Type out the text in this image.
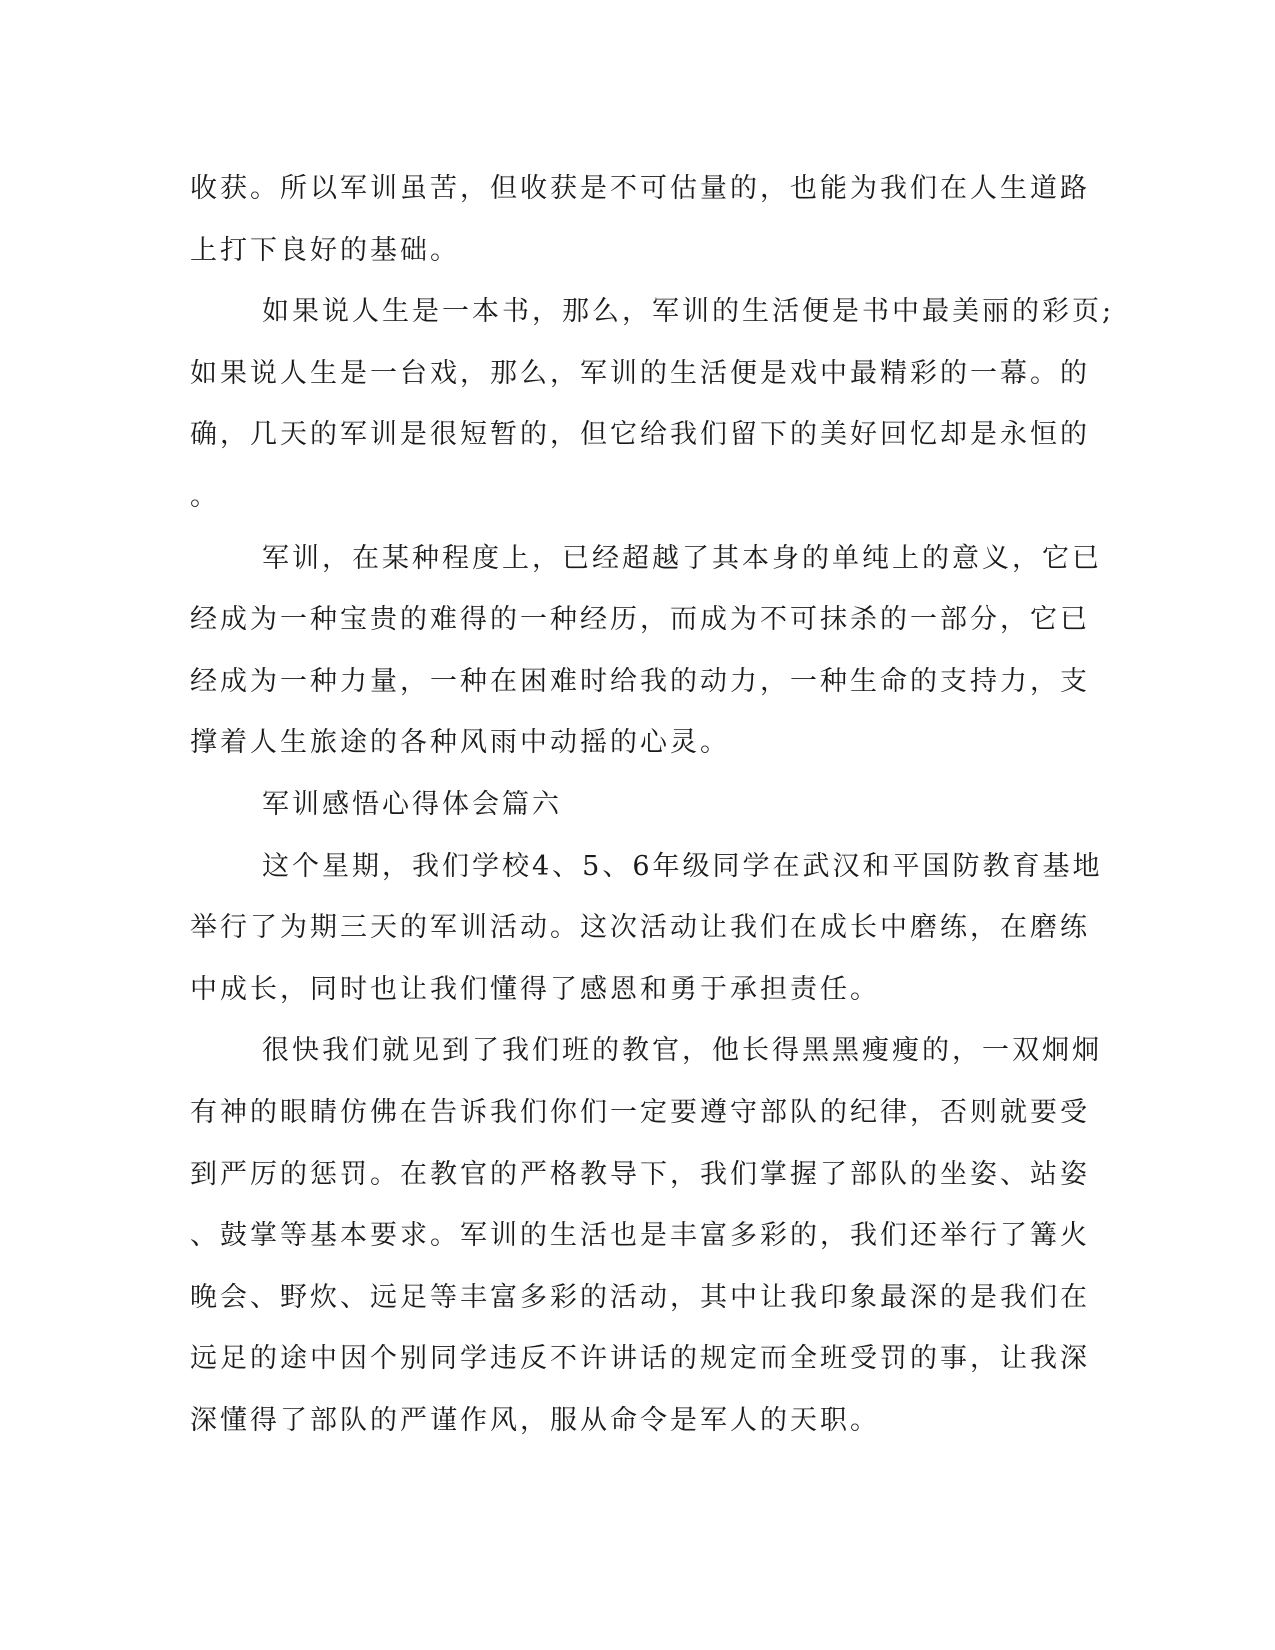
收获。所以军训虽苦，但收获是不可估量的，也能为我们在人生道路
上打下良好的基础。
如果说人生是一本书，那么，军训的生活便是书中最美丽的彩页;
如果说人生是一台戏，那么，军训的生活便是戏中最精彩的一幕。的
确，几天的军训是很短暂的，但它给我们留下的美好回忆却是永恒的
。
军训，在某种程度上，已经超越了其本身的单纯上的意义，它已
经成为一种宝贵的难得的一种经历，而成为不可抹杀的一部分，它已
经成为一种力量，一种在困难时给我的动力，一种生命的支持力，支
撑着人生旅途的各种风雨中动摇的心灵。
军训感悟心得体会篇六
这个星期，我们学校4、5、6年级同学在武汉和平国防教育基地
举行了为期三天的军训活动。这次活动让我们在成长中磨练，在磨练
中成长，同时也让我们懂得了感恩和勇于承担责任。
很快我们就见到了我们班的教官，他长得黑黑瘦瘦的，一双炯炯
有神的眼睛仿佛在告诉我们你们一定要遵守部队的纪律，否则就要受
到严厉的惩罚。在教官的严格教导下，我们掌握了部队的坐姿、站姿
、鼓掌等基本要求。军训的生活也是丰富多彩的，我们还举行了篝火
晚会、野炊、远足等丰富多彩的活动，其中让我印象最深的是我们在
远足的途中因个别同学违反不许讲话的规定而全班受罚的事，让我深
深懂得了部队的严谨作风，服从命令是军人的天职。
